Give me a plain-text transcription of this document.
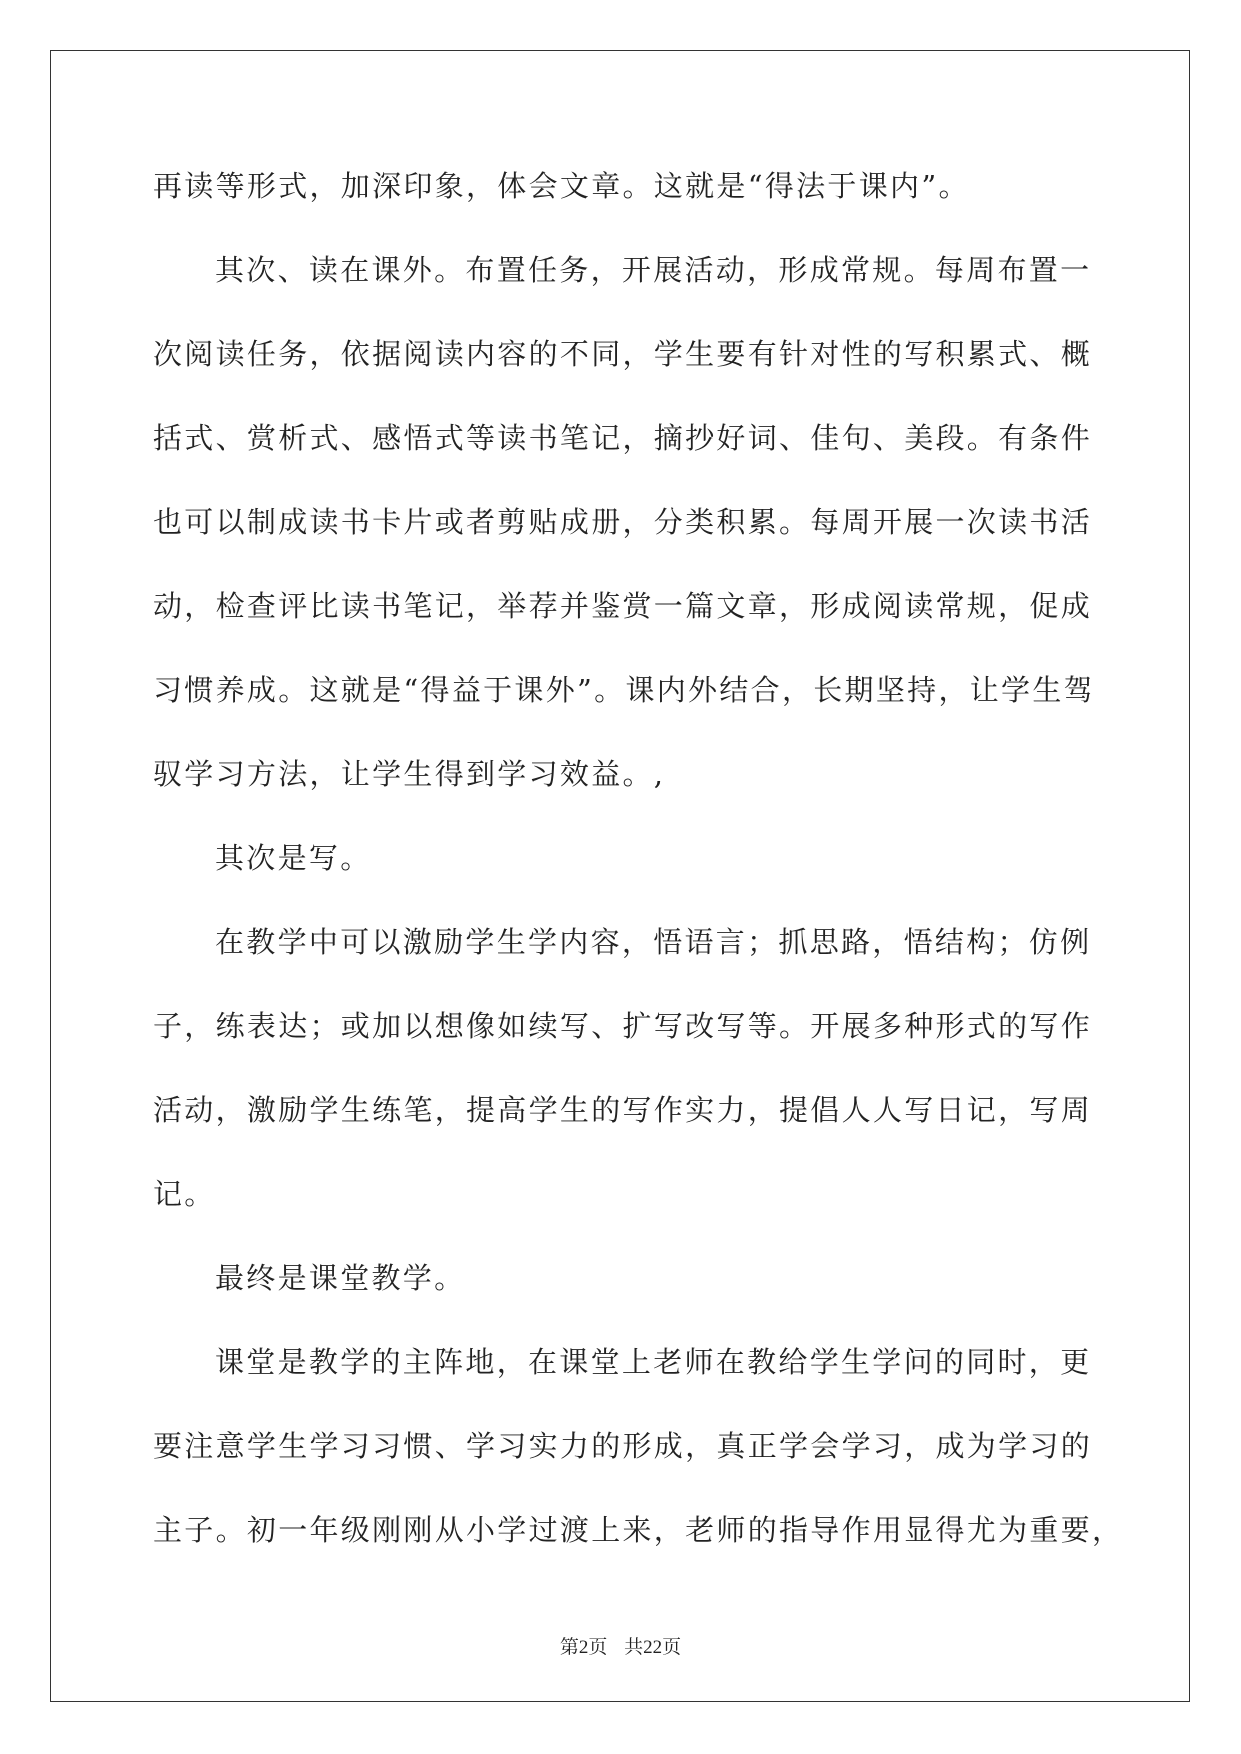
再读等形式，加深印象，体会文章。这就是“得法于课内”。
其次、读在课外。布置任务，开展活动，形成常规。每周布置一
次阅读任务，依据阅读内容的不同，学生要有针对性的写积累式、概
括式、赏析式、感悟式等读书笔记，摘抄好词、佳句、美段。有条件
也可以制成读书卡片或者剪贴成册，分类积累。每周开展一次读书活
动，检查评比读书笔记，举荐并鉴赏一篇文章，形成阅读常规，促成
习惯养成。这就是“得益于课外”。课内外结合，长期坚持，让学生驾
驭学习方法，让学生得到学习效益。,
其次是写。
在教学中可以激励学生学内容，悟语言；抓思路，悟结构；仿例
子，练表达；或加以想像如续写、扩写改写等。开展多种形式的写作
活动，激励学生练笔，提高学生的写作实力，提倡人人写日记，写周
记。
最终是课堂教学。
课堂是教学的主阵地，在课堂上老师在教给学生学问的同时，更
要注意学生学习习惯、学习实力的形成，真正学会学习，成为学习的
主子。初一年级刚刚从小学过渡上来，老师的指导作用显得尤为重要，
第2页 共22页
